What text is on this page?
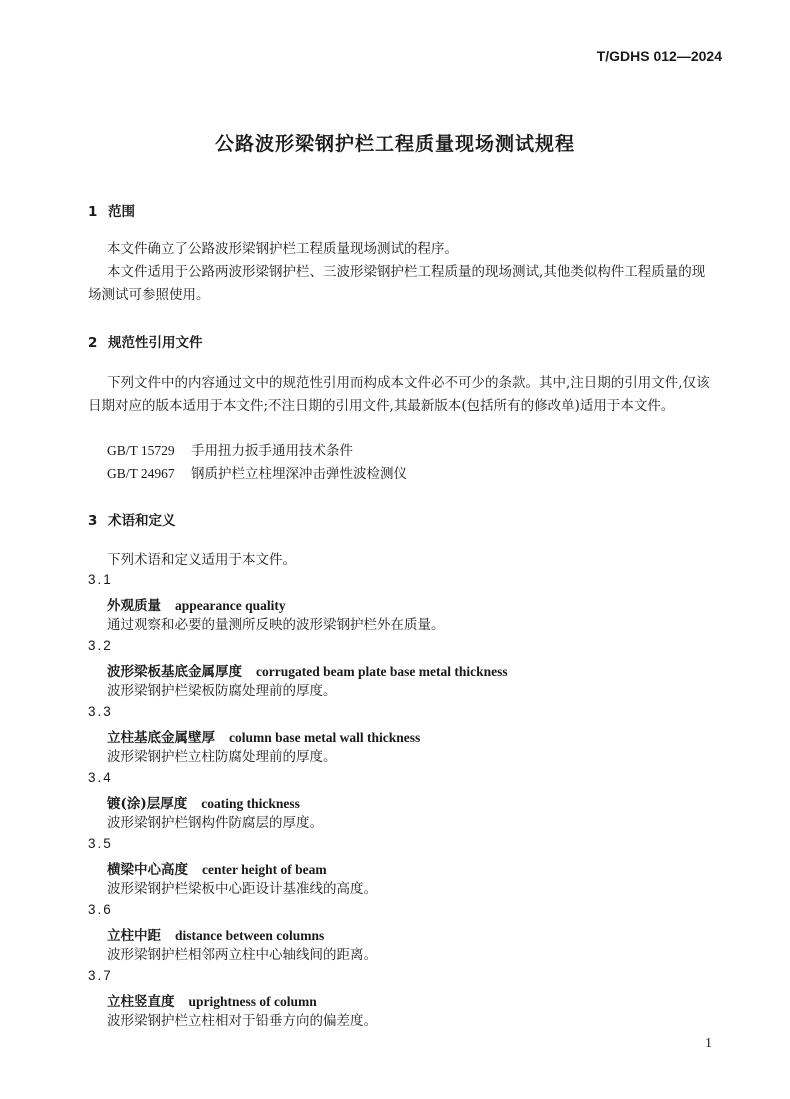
T/GDHS 012—2024
公路波形梁钢护栏工程质量现场测试规程
1 范围
本文件确立了公路波形梁钢护栏工程质量现场测试的程序。
本文件适用于公路两波形梁钢护栏、三波形梁钢护栏工程质量的现场测试,其他类似构件工程质量的现场测试可参照使用。
2 规范性引用文件
下列文件中的内容通过文中的规范性引用而构成本文件必不可少的条款。其中,注日期的引用文件,仅该日期对应的版本适用于本文件;不注日期的引用文件,其最新版本(包括所有的修改单)适用于本文件。
GB/T 15729 手用扭力扳手通用技术条件
GB/T 24967 钢质护栏立柱埋深冲击弹性波检测仪
3 术语和定义
下列术语和定义适用于本文件。
3.1
外观质量 appearance quality
通过观察和必要的量测所反映的波形梁钢护栏外在质量。
3.2
波形梁板基底金属厚度 corrugated beam plate base metal thickness
波形梁钢护栏梁板防腐处理前的厚度。
3.3
立柱基底金属壁厚 column base metal wall thickness
波形梁钢护栏立柱防腐处理前的厚度。
3.4
镀(涂)层厚度 coating thickness
波形梁钢护栏钢构件防腐层的厚度。
3.5
横梁中心高度 center height of beam
波形梁钢护栏梁板中心距设计基准线的高度。
3.6
立柱中距 distance between columns
波形梁钢护栏相邻两立柱中心轴线间的距离。
3.7
立柱竖直度 uprightness of column
波形梁钢护栏立柱相对于铅垂方向的偏差度。
1
